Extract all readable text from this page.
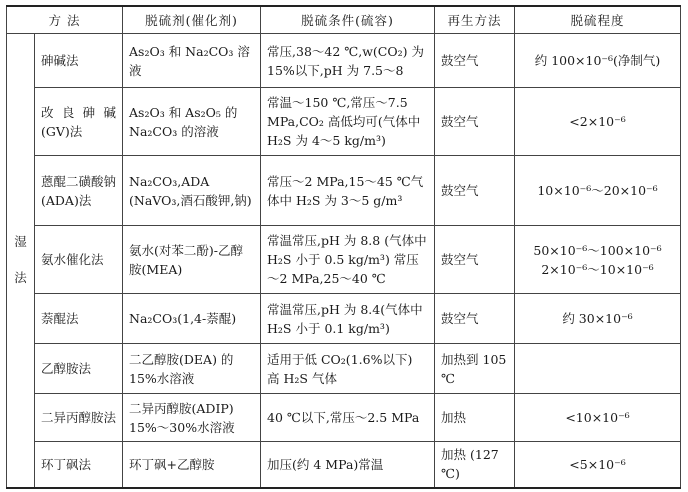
方 法		脱硫剂(催化剂)	脱硫条件(硫容)	再生方法	脱硫程度

湿
法	砷碱法	As₂O₃ 和 Na₂CO₃ 溶液	常压,38～42 ℃,w(CO₂) 为 15%以下,pH 为 7.5～8	鼓空气	约 100×10⁻⁶(净制气)
	改良砷碱(GV)法	As₂O₃ 和 As₂O₅ 的 Na₂CO₃ 的溶液	常温～150 ℃,常压～7.5 MPa,CO₂ 高低均可(气体中 H₂S 为 4～5 kg/m³)	鼓空气	<2×10⁻⁶
	蒽醌二磺酸钠(ADA)法	Na₂CO₃,ADA (NaVO₃,酒石酸钾,钠)	常压～2 MPa,15～45 ℃气体中 H₂S 为 3～5 g/m³	鼓空气	10×10⁻⁶～20×10⁻⁶
	氨水催化法	氨水(对苯二酚)-乙醇胺(MEA)	常温常压,pH 为 8.8 (气体中 H₂S 小于 0.5 kg/m³) 常压～2 MPa,25～40 ℃	鼓空气	50×10⁻⁶～100×10⁻⁶ 2×10⁻⁶～10×10⁻⁶
	萘醌法	Na₂CO₃(1,4-萘醌)	常温常压,pH 为 8.4(气体中 H₂S 小于 0.1 kg/m³)	鼓空气	约 30×10⁻⁶
	乙醇胺法	二乙醇胺(DEA) 的 15%水溶液	适用于低 CO₂(1.6%以下) 高 H₂S 气体	加热到 105 ℃	
	二异丙醇胺法	二异丙醇胺(ADIP) 15%～30%水溶液	40 ℃以下,常压～2.5 MPa	加热	<10×10⁻⁶
	环丁砜法	环丁砜+乙醇胺	加压(约 4 MPa)常温	加热 (127 ℃)	<5×10⁻⁶
